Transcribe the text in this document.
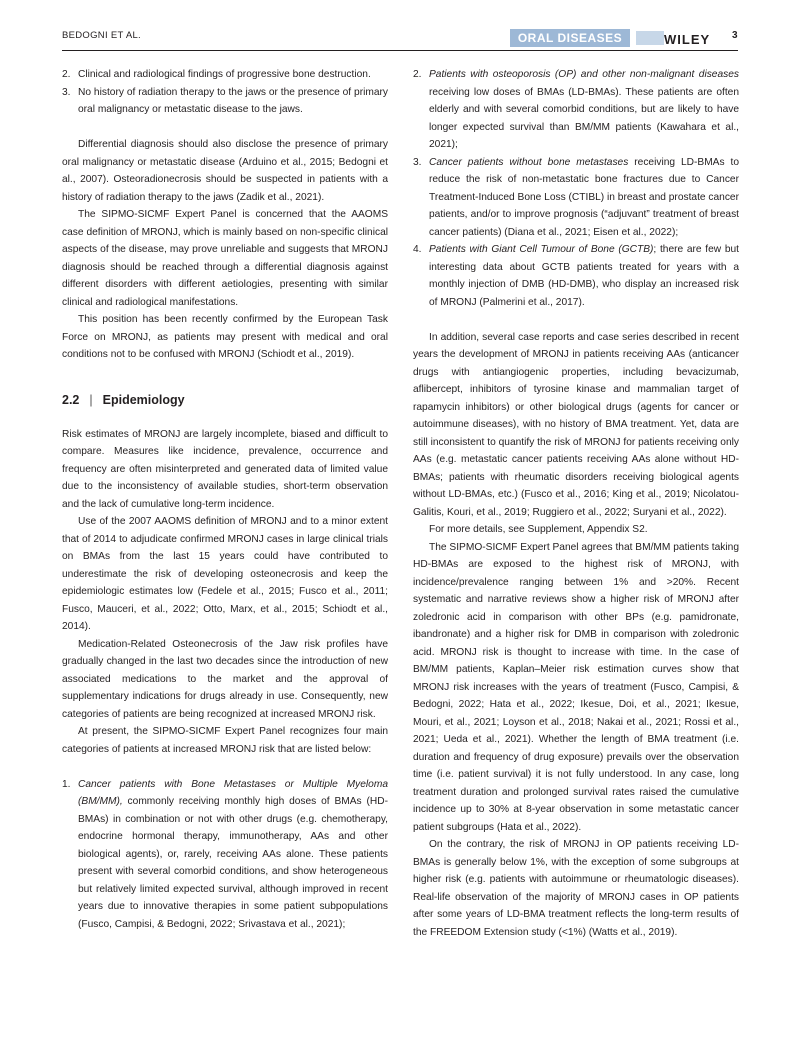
BEDOGNI ET AL.	ORAL DISEASES	WILEY 3
2. Clinical and radiological findings of progressive bone destruction.
3. No history of radiation therapy to the jaws or the presence of primary oral malignancy or metastatic disease to the jaws.

Differential diagnosis should also disclose the presence of primary oral malignancy or metastatic disease (Arduino et al., 2015; Bedogni et al., 2007). Osteoradionecrosis should be suspected in patients with a history of radiation therapy to the jaws (Zadik et al., 2021).

The SIPMO-SICMF Expert Panel is concerned that the AAOMS case definition of MRONJ, which is mainly based on non-specific clinical aspects of the disease, may prove unreliable and suggests that MRONJ diagnosis should be reached through a differential diagnosis against different disorders with different aetiologies, presenting with similar clinical and radiological manifestations.

This position has been recently confirmed by the European Task Force on MRONJ, as patients may present with medical and oral conditions not to be confused with MRONJ (Schiodt et al., 2019).

2.2 | Epidemiology

Risk estimates of MRONJ are largely incomplete, biased and difficult to compare. Measures like incidence, prevalence, occurrence and frequency are often misinterpreted and generated data of limited value due to the inconsistency of available studies, short-term observation and the lack of cumulative long-term incidence.

Use of the 2007 AAOMS definition of MRONJ and to a minor extent that of 2014 to adjudicate confirmed MRONJ cases in large clinical trials on BMAs from the last 15 years could have contributed to underestimate the risk of developing osteonecrosis and keep the epidemiologic estimates low (Fedele et al., 2015; Fusco et al., 2011; Fusco, Mauceri, et al., 2022; Otto, Marx, et al., 2015; Schiodt et al., 2014).

Medication-Related Osteonecrosis of the Jaw risk profiles have gradually changed in the last two decades since the introduction of new associated medications to the market and the approval of supplementary indications for drugs already in use. Consequently, new categories of patients are being recognized at increased MRONJ risk.

At present, the SIPMO-SICMF Expert Panel recognizes four main categories of patients at increased MRONJ risk that are listed below:

1. Cancer patients with Bone Metastases or Multiple Myeloma (BM/MM), commonly receiving monthly high doses of BMAs (HD-BMAs) in combination or not with other drugs (e.g. chemotherapy, endocrine hormonal therapy, immunotherapy, AAs and other biological agents), or, rarely, receiving AAs alone. These patients present with several comorbid conditions, and show heterogeneous but relatively limited expected survival, although improved in recent years due to innovative therapies in some patient subpopulations (Fusco, Campisi, & Bedogni, 2022; Srivastava et al., 2021);
2. Patients with osteoporosis (OP) and other non-malignant diseases receiving low doses of BMAs (LD-BMAs). These patients are often elderly and with several comorbid conditions, but are likely to have longer expected survival than BM/MM patients (Kawahara et al., 2021);
3. Cancer patients without bone metastases receiving LD-BMAs to reduce the risk of non-metastatic bone fractures due to Cancer Treatment-Induced Bone Loss (CTIBL) in breast and prostate cancer patients, and/or to improve prognosis (“adjuvant” treatment of breast cancer patients) (Diana et al., 2021; Eisen et al., 2022);
4. Patients with Giant Cell Tumour of Bone (GCTB); there are few but interesting data about GCTB patients treated for years with a monthly injection of DMB (HD-DMB), who display an increased risk of MRONJ (Palmerini et al., 2017).

In addition, several case reports and case series described in recent years the development of MRONJ in patients receiving AAs (anticancer drugs with antiangiogenic properties, including bevacizumab, aflibercept, inhibitors of tyrosine kinase and mammalian target of rapamycin inhibitors) or other biological drugs (agents for cancer or autoimmune diseases), with no history of BMA treatment. Yet, data are still inconsistent to quantify the risk of MRONJ for patients receiving only AAs (e.g. metastatic cancer patients receiving AAs alone without HD-BMAs; patients with rheumatic disorders receiving biological agents without LD-BMAs, etc.) (Fusco et al., 2016; King et al., 2019; Nicolatou-Galitis, Kouri, et al., 2019; Ruggiero et al., 2022; Suryani et al., 2022).

For more details, see Supplement, Appendix S2.

The SIPMO-SICMF Expert Panel agrees that BM/MM patients taking HD-BMAs are exposed to the highest risk of MRONJ, with incidence/prevalence ranging between 1% and >20%. Recent systematic and narrative reviews show a higher risk of MRONJ after zoledronic acid in comparison with other BPs (e.g. pamidronate, ibandronate) and a higher risk for DMB in comparison with zoledronic acid. MRONJ risk is thought to increase with time. In the case of BM/MM patients, Kaplan–Meier risk estimation curves show that MRONJ risk increases with the years of treatment (Fusco, Campisi, & Bedogni, 2022; Hata et al., 2022; Ikesue, Doi, et al., 2021; Ikesue, Mouri, et al., 2021; Loyson et al., 2018; Nakai et al., 2021; Rossi et al., 2021; Ueda et al., 2021). Whether the length of BMA treatment (i.e. duration and frequency of drug exposure) prevails over the observation time (i.e. patient survival) it is not fully understood. In any case, long treatment duration and prolonged survival rates raised the cumulative incidence up to 30% at 8-year observation in some metastatic cancer patient subgroups (Hata et al., 2022).

On the contrary, the risk of MRONJ in OP patients receiving LD-BMAs is generally below 1%, with the exception of some subgroups at higher risk (e.g. patients with autoimmune or rheumatologic diseases). Real-life observation of the majority of MRONJ cases in OP patients after some years of LD-BMA treatment reflects the long-term results of the FREEDOM Extension study (<1%) (Watts et al., 2019).
